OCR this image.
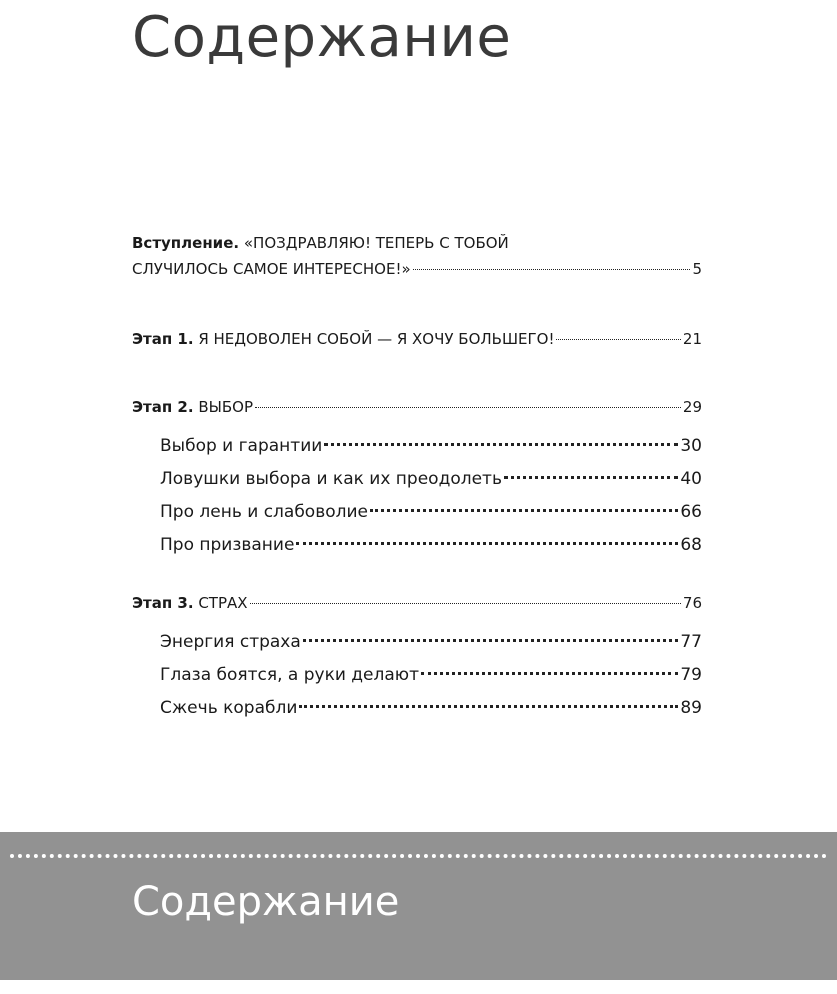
Содержание
Вступление. «ПОЗДРАВЛЯЮ! ТЕПЕРЬ С ТОБОЙ
СЛУЧИЛОСЬ САМОЕ ИНТЕРЕСНОЕ!»	5
Этап 1. Я НЕДОВОЛЕН СОБОЙ — Я ХОЧУ БОЛЬШЕГО!	21
Этап 2. ВЫБОР	29
Выбор и гарантии	30
Ловушки выбора и как их преодолеть	40
Про лень и слабоволие	66
Про призвание	68
Этап 3. СТРАХ	76
Энергия страха	77
Глаза боятся, а руки делают	79
Сжечь корабли	89
Содержание
